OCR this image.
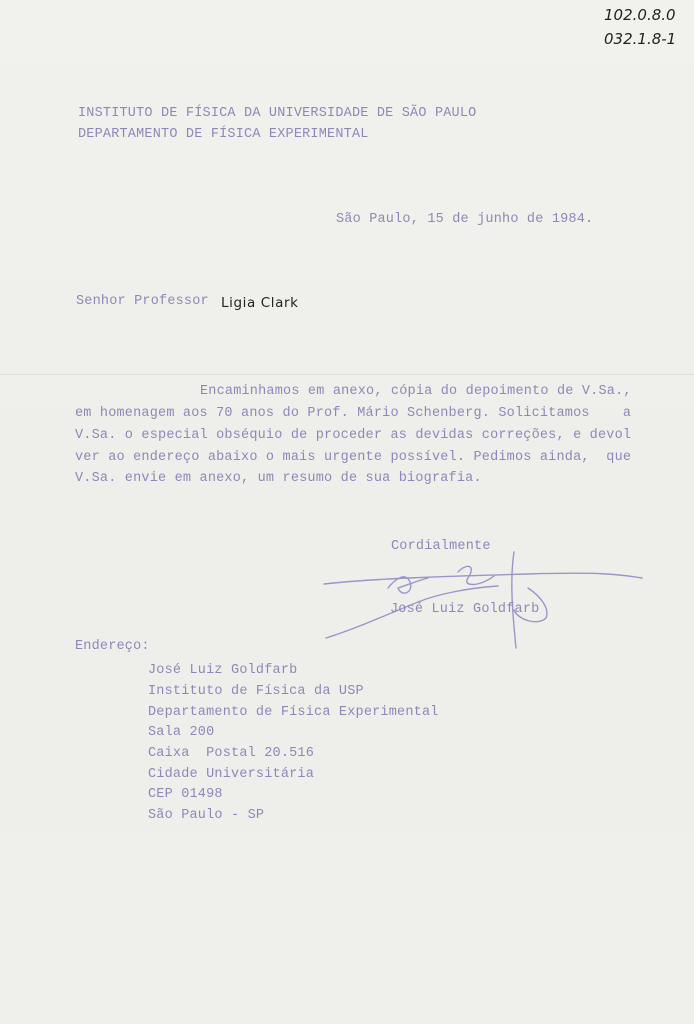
102.0.8.0
032.1.8-1
INSTITUTO DE FÍSICA DA UNIVERSIDADE DE SÃO PAULO
DEPARTAMENTO DE FÍSICA EXPERIMENTAL
São Paulo, 15 de junho de 1984.
Senhor Professor Ligia Clark
Encaminhamos em anexo, cópia do depoimento de V.Sa.,
em homenagem aos 70 anos do Prof. Mário Schenberg. Solicitamos    a
V.Sa. o especial obséquio de proceder as devidas correções, e devol
ver ao endereço abaixo o mais urgente possível. Pedimos ainda,  que
V.Sa. envie em anexo, um resumo de sua biografia.
Cordialmente
José Luiz Goldfarb
Endereço:
José Luiz Goldfarb
Instituto de Física da USP
Departamento de Física Experimental
Sala 200
Caixa  Postal 20.516
Cidade Universitária
CEP 01498
São Paulo - SP
